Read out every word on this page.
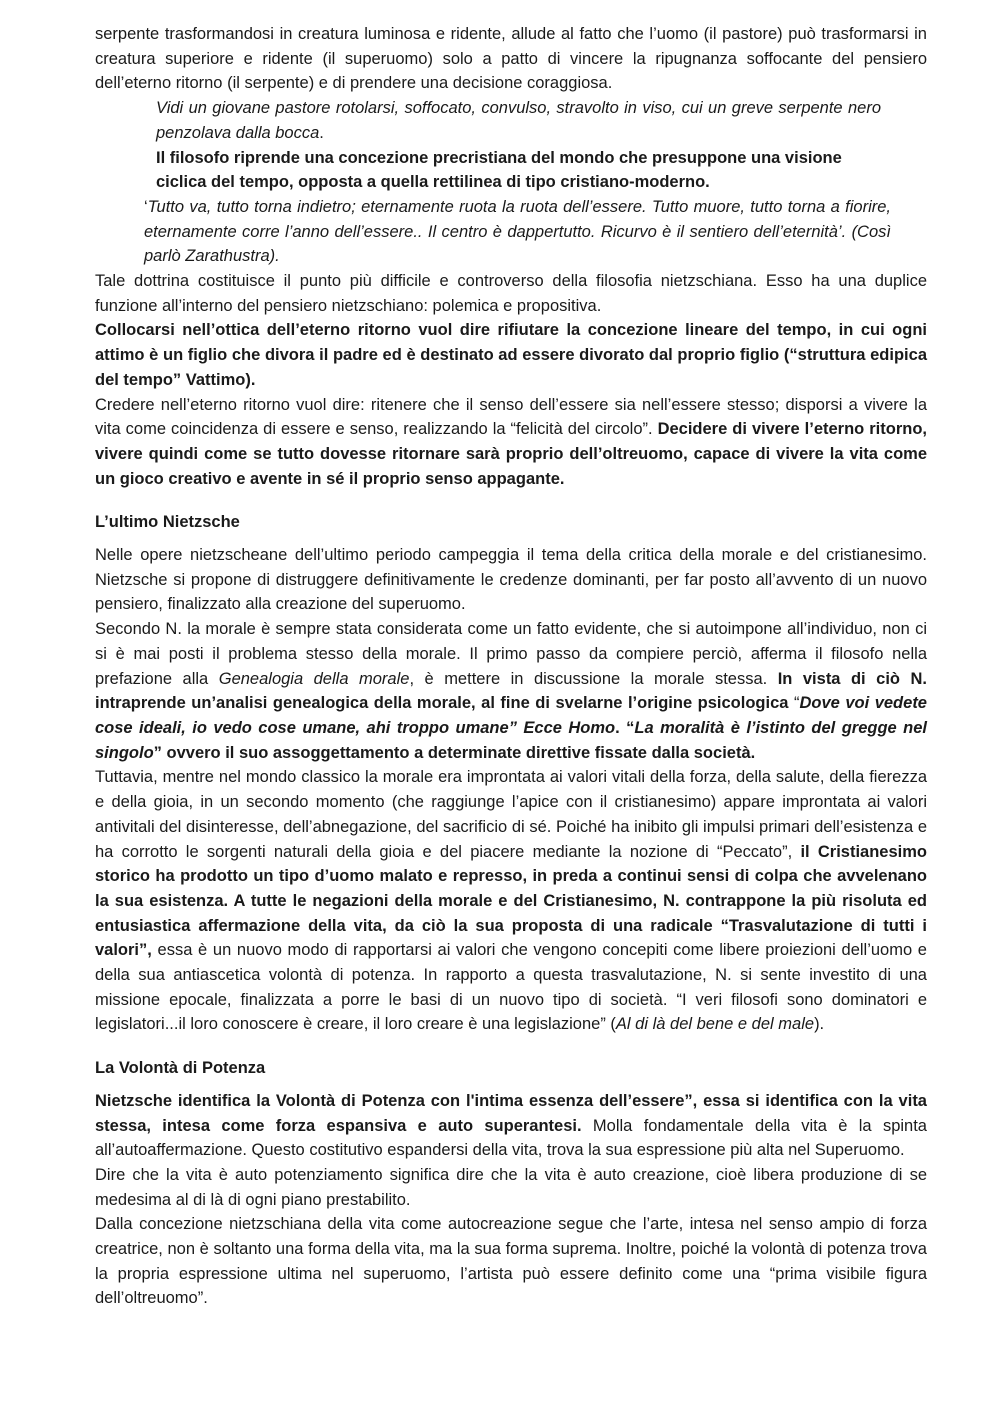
serpente trasformandosi in creatura luminosa e ridente, allude al fatto che l’uomo (il pastore) può trasformarsi in creatura superiore e ridente (il superuomo) solo a patto di vincere la ripugnanza soffocante del pensiero dell’eterno ritorno (il serpente) e di prendere una decisione coraggiosa.

Vidi un giovane pastore rotolarsi, soffocato, convulso, stravolto in viso, cui un greve serpente nero penzolava dalla bocca.

Il filosofo riprende una concezione precristiana del mondo che presuppone una visione ciclica del tempo, opposta a quella rettilinea di tipo cristiano-moderno.

‘Tutto va, tutto torna indietro; eternamente ruota la ruota dell’essere. Tutto muore, tutto torna a fiorire, eternamente corre l’anno dell’essere.. Il centro è dappertutto. Ricurvo è il sentiero dell’eternità’. (Così parlò Zarathustra).

Tale dottrina costituisce il punto più difficile e controverso della filosofia nietzschiana. Esso ha una duplice funzione all’interno del pensiero nietzschiano: polemica e propositiva.

Collocarsi nell’ottica dell’eterno ritorno vuol dire rifiutare la concezione lineare del tempo, in cui ogni attimo è un figlio che divora il padre ed è destinato ad essere divorato dal proprio figlio (“struttura edipica del tempo” Vattimo).

Credere nell’eterno ritorno vuol dire: ritenere che il senso dell’essere sia nell’essere stesso; disporsi a vivere la vita come coincidenza di essere e senso, realizzando la “felicità del circolo”. Decidere di vivere l’eterno ritorno, vivere quindi come se tutto dovesse ritornare sarà proprio dell’oltreuomo, capace di vivere la vita come un gioco creativo e avente in sé il proprio senso appagante.

L’ultimo Nietzsche

Nelle opere nietzscheane dell’ultimo periodo campeggia il tema della critica della morale e del cristianesimo. Nietzsche si propone di distruggere definitivamente le credenze dominanti, per far posto all’avvento di un nuovo pensiero, finalizzato alla creazione del superuomo.

Secondo N. la morale è sempre stata considerata come un fatto evidente, che si autoimpone all’individuo, non ci si è mai posti il problema stesso della morale. Il primo passo da compiere perciò, afferma il filosofo nella prefazione alla Genealogia della morale, è mettere in discussione la morale stessa. In vista di ciò N. intraprende un’analisi genealogica della morale, al fine di svelarne l’origine psicologica “Dove voi vedete cose ideali, io vedo cose umane, ahi troppo umane” Ecce Homo. “La moralità è l’istinto del gregge nel singolo” ovvero il suo assoggettamento a determinate direttive fissate dalla società.

Tuttavia, mentre nel mondo classico la morale era improntata ai valori vitali della forza, della salute, della fierezza e della gioia, in un secondo momento (che raggiunge l’apice con il cristianesimo) appare improntata ai valori antivitali del disinteresse, dell’abnegazione, del sacrificio di sé. Poiché ha inibito gli impulsi primari dell’esistenza e ha corrotto le sorgenti naturali della gioia e del piacere mediante la nozione di “Peccato”, il Cristianesimo storico ha prodotto un tipo d’uomo malato e represso, in preda a continui sensi di colpa che avvelenano la sua esistenza. A tutte le negazioni della morale e del Cristianesimo, N. contrappone la più risoluta ed entusiastica affermazione della vita, da ciò la sua proposta di una radicale “Trasvalutazione di tutti i valori”, essa è un nuovo modo di rapportarsi ai valori che vengono concepiti come libere proiezioni dell’uomo e della sua antiascetica volontà di potenza. In rapporto a questa trasvalutazione, N. si sente investito di una missione epocale, finalizzata a porre le basi di un nuovo tipo di società. “I veri filosofi sono dominatori e legislatori...il loro conoscere è creare, il loro creare è una legislazione” (Al di là del bene e del male).

La Volontà di Potenza

Nietzsche identifica la Volontà di Potenza con l'intima essenza dell’essere”, essa si identifica con la vita stessa, intesa come forza espansiva e auto superantesi. Molla fondamentale della vita è la spinta all’autoaffermazione. Questo costitutivo espandersi della vita, trova la sua espressione più alta nel Superuomo.

Dire che la vita è auto potenziamento significa dire che la vita è auto creazione, cioè libera produzione di se medesima al di là di ogni piano prestabilito.

Dalla concezione nietzschiana della vita come autocreazione segue che l’arte, intesa nel senso ampio di forza creatrice, non è soltanto una forma della vita, ma la sua forma suprema. Inoltre, poiché la volontà di potenza trova la propria espressione ultima nel superuomo, l’artista può essere definito come una “prima visibile figura dell’oltreuomo”.
